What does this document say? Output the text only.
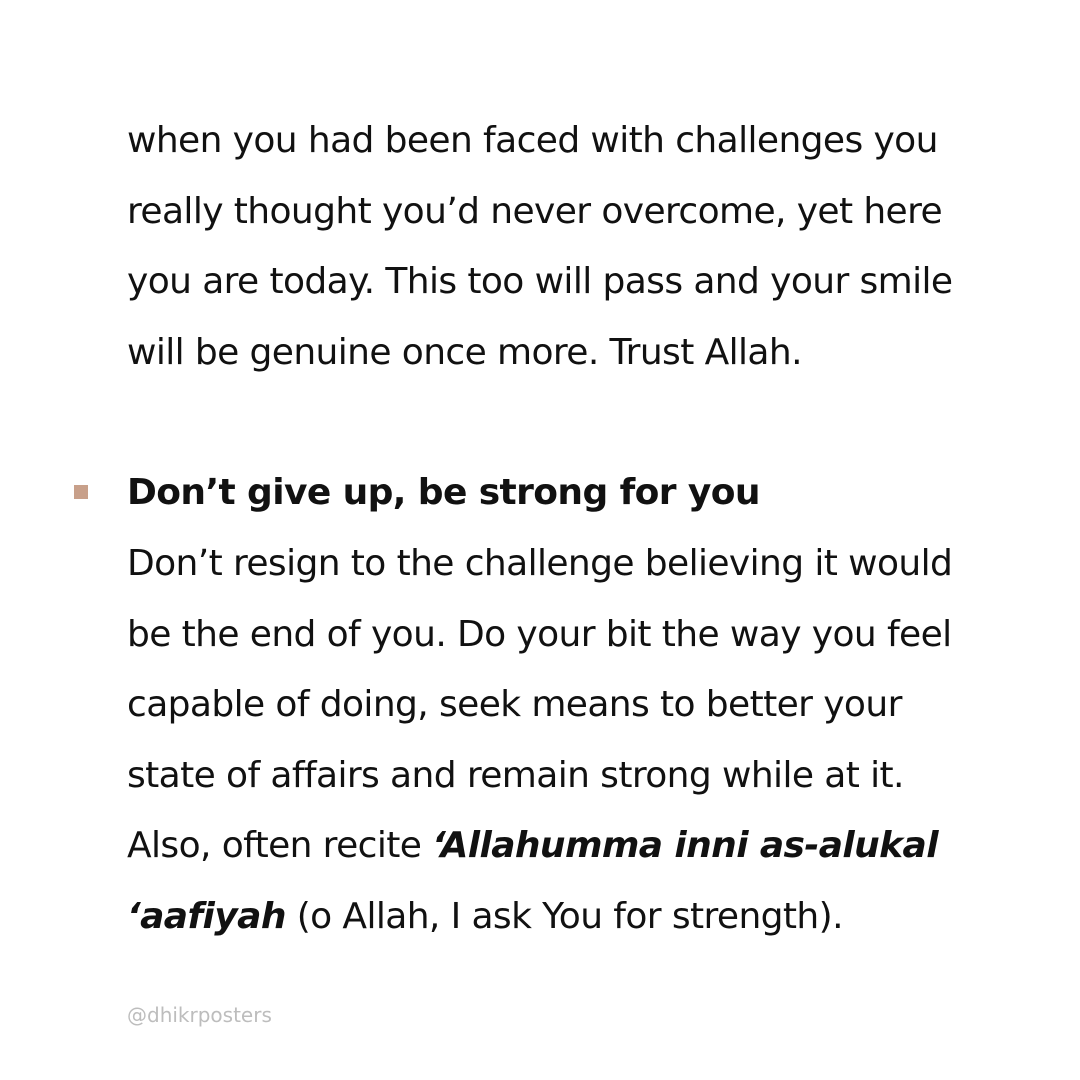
when you had been faced with challenges you
really thought you’d never overcome, yet here
you are today. This too will pass and your smile
will be genuine once more. Trust Allah.

Don’t give up, be strong for you

Don’t resign to the challenge believing it would
be the end of you. Do your bit the way you feel
capable of doing, seek means to better your
state of affairs and remain strong while at it.
Also, often recite ‘Allahumma inni as-alukal
‘aafiyah (o Allah, I ask You for strength).

@dhikrposters
